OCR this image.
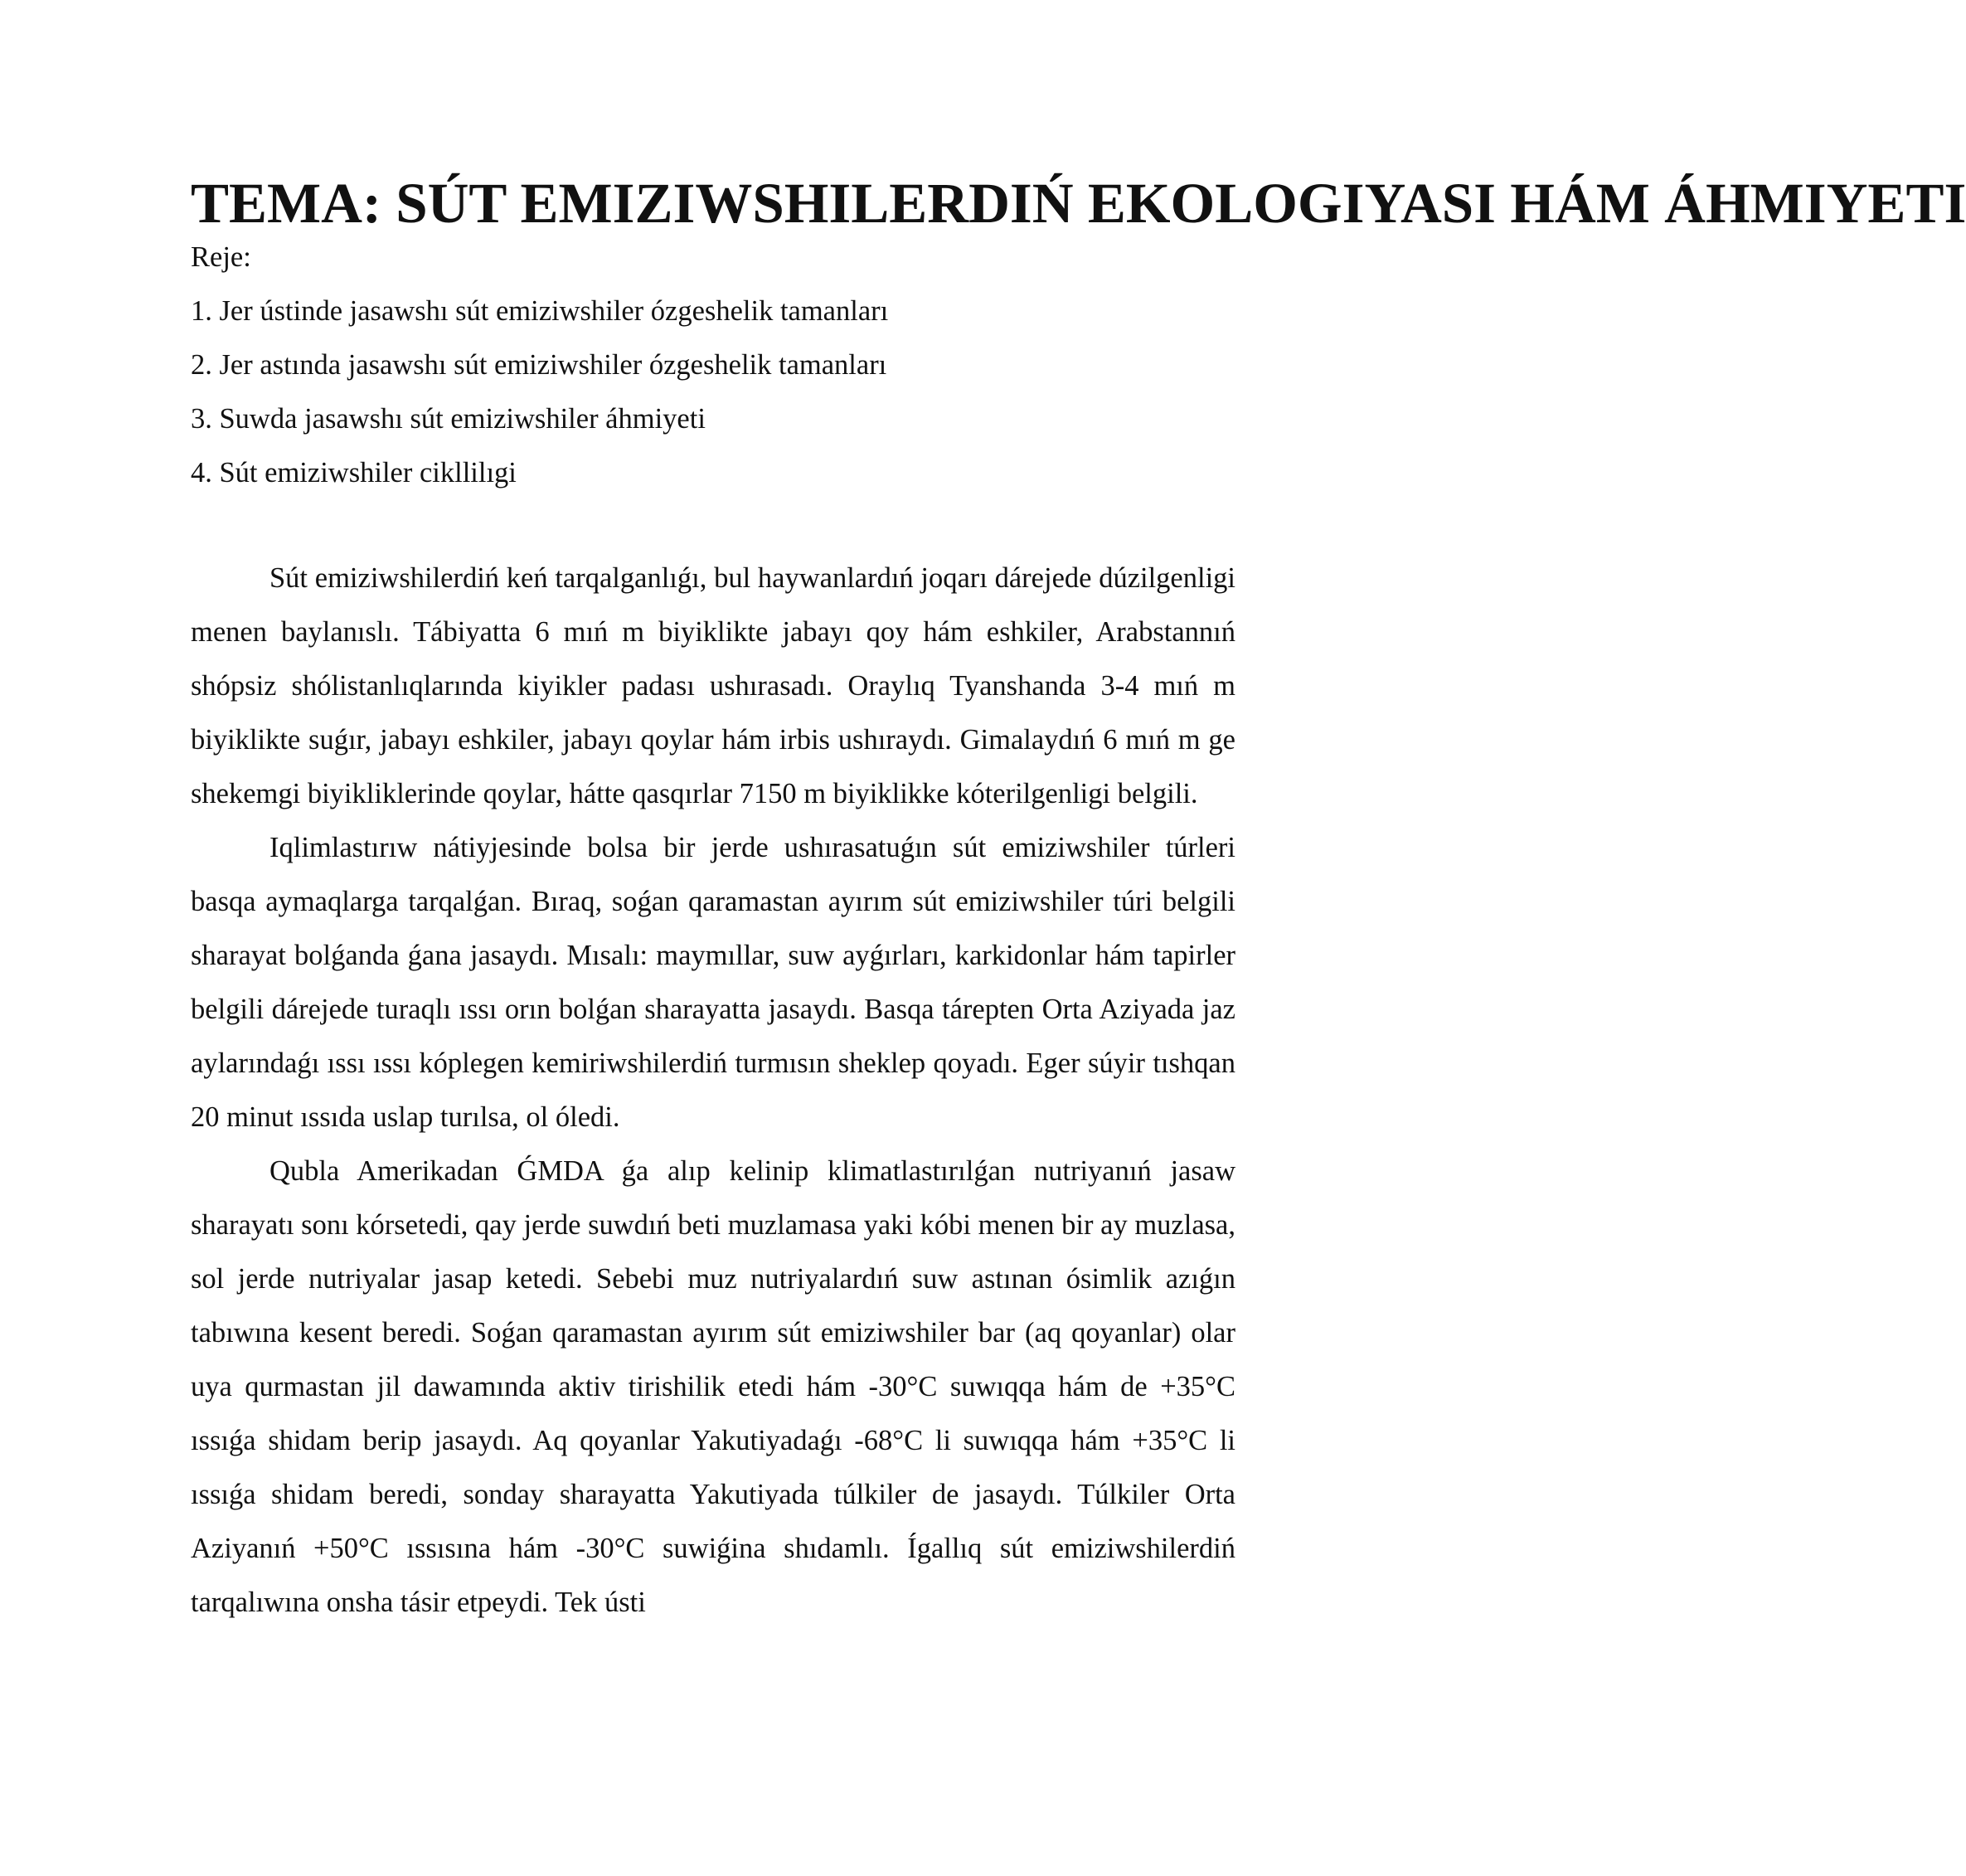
TEMA: SÚT EMIZIWSHILERDIŃ EKOLOGIYASI HÁM ÁHMIYETI

Reje:

1. Jer ústinde jasawshı sút emiziwshiler ózgeshelik tamanları
2. Jer astında jasawshı sút emiziwshiler ózgeshelik tamanları
3. Suwda jasawshı sút emiziwshiler áhmiyeti
4. Sút emiziwshiler cikllilıgi

Sút emiziwshilerdiń keń tarqalganlıǵı, bul haywanlardıń joqarı dárejede dúzilgenligi menen baylanıslı. Tábiyatta 6 mıń m biyiklikte jabayı qoy hám eshkiler, Arabstannıń shópsiz shólistanlıqlarında kiyikler padası ushırasadı. Oraylıq Tyanshanda 3-4 mıń m biyiklikte suǵır, jabayı eshkiler, jabayı qoylar hám irbis ushıraydı. Gimalaydıń 6 mıń m ge shekemgi biyikliklerinde qoylar, hátte qasqırlar 7150 m biyiklikke kóterilgenligi belgili.

Iqlimlastırıw nátiyjesinde bolsa bir jerde ushırasatuǵın sút emiziwshiler túrleri basqa aymaqlarga tarqalǵan. Bıraq, soǵan qaramastan ayırım sút emiziwshiler túri belgili sharayat bolǵanda ǵana jasaydı. Mısalı: maymıllar, suw ayǵırları, karkidonlar hám tapirler belgili dárejede turaqlı ıssı orın bolǵan sharayatta jasaydı. Basqa tárepten Orta Aziyada jaz aylarındaǵı ıssı ıssı kóplegen kemiriwshilerdiń turmısın sheklep qoyadı. Eger súyir tıshqan 20 minut ıssıda uslap turılsa, ol óledi.

Qubla Amerikadan ǴMDA ǵa alıp kelinip klimatlastırılǵan nutriyanıń jasaw sharayatı sonı kórsetedi, qay jerde suwdıń beti muzlamasa yaki kóbi menen bir ay muzlasa, sol jerde nutriyalar jasap ketedi. Sebebi muz nutriyalardıń suw astınan ósimlik azıǵın tabıwına kesent beredi. Soǵan qaramastan ayırım sút emiziwshiler bar (aq qoyanlar) olar uya qurmastan jil dawamında aktiv tirishilik etedi hám -30°C suwıqqa hám de +35°C ıssıǵa shidam berip jasaydı. Aq qoyanlar Yakutiyadaǵı -68°C li suwıqqa hám +35°C li ıssıǵa shidam beredi, sonday sharayatta Yakutiyada túlkiler de jasaydı. Túlkiler Orta Aziyanıń +50°C ıssısına hám -30°C suwiǵina shıdamlı. Ígallıq sút emiziwshilerdiń tarqalıwına onsha tásir etpeydi. Tek ústi
